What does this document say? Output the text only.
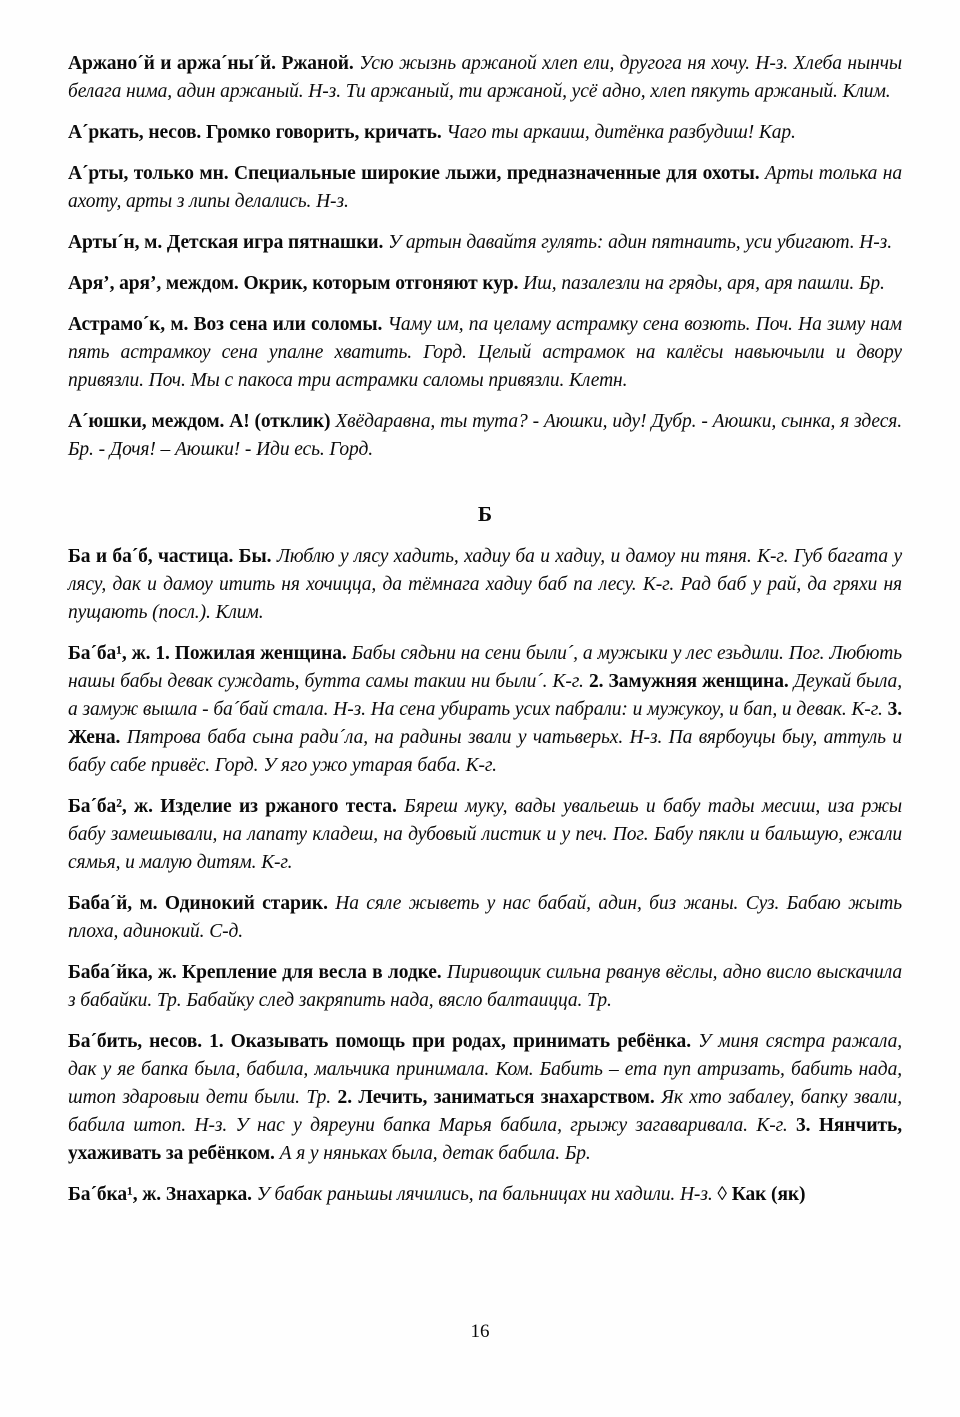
Аржано´й и аржа´ны´й. Ржаной. Усю жызнь аржаной хлеп ели, другога ня хочу. Н-з. Хлеба нынчы белага нима, адин аржаный. Н-з. Ти аржаный, ти аржаной, усё адно, хлеп пякуть аржаный. Клим.

А´ркать, несов. Громко говорить, кричать. Чаго ты аркаиш, дитёнка разбудиш! Кар.

А´рты, только мн. Специальные широкие лыжи, предназначенные для охоты. Арты толька на ахоту, арты з липы делались. Н-з.

Арты´н, м. Детская игра пятнашки. У артын давайтя гулять: адин пятнаить, уси убигают. Н-з.

Аря’, аря’, междом. Окрик, которым отгоняют кур. Иш, пазалезли на гряды, аря, аря пашли. Бр.

Астрамо´к, м. Воз сена или соломы. Чаму им, па целаму астрамку сена возють. Поч. На зиму нам пять астрамкоу сена упалне хватить. Горд. Целый астрамок на калёсы навьючыли и двору привязли. Поч. Мы с пакоса три астрамки саломы привязли. Клетн.

А´юшки, междом. А! (отклик) Хвёдаравна, ты тута? - Аюшки, иду! Дубр. - Аюшки, сынка, я здеся. Бр. - Дочя! – Аюшки! - Иди есь. Горд.

Б

Ба и ба´б, частица. Бы. Люблю у лясу хадить, хадиу ба и хадиу, и дамоу ни тяня. К-г. Губ багата у лясу, дак и дамоу итить ня хочицца, да тёмнага хадиу баб па лесу. К-г. Рад баб у рай, да гряхи ня пущають (посл.). Клим.

Ба´ба¹, ж. 1. Пожилая женщина. Бабы сядьни на сени были´, а мужыки у лес езьдили. Пог. Любють нашы бабы девак суждать, бутта самы такии ни были´. К-г. 2. Замужняя женщина. Деукай была, а замуж вышла - ба´бай стала. Н-з. На сена убирать усих пабрали: и мужукоу, и бап, и девак. К-г. 3. Жена. Пятрова баба сына ради´ла, на радины звали у чатьверьх. Н-з. Па вярбоуцы быу, аттуль и бабу сабе привёс. Горд. У яго ужо утарая баба. К-г.

Ба´ба², ж. Изделие из ржаного теста. Бяреш муку, вады увальешь и бабу тады месиш, иза ржы бабу замешывали, на лапату кладеш, на дубовый листик и у печ. Пог. Бабу пякли и бальшую, ежали сямья, и малую дитям. К-г.

Баба´й, м. Одинокий старик. На сяле жыветь у нас бабай, адин, биз жаны. Суз. Бабаю жыть плоха, адинокий. С-д.

Баба´йка, ж. Крепление для весла в лодке. Пиривощик сильна рванув вёслы, адно висло выскачила з бабайки. Тр. Бабайку след закряпить нада, вясло балтаицца. Тр.

Ба´бить, несов. 1. Оказывать помощь при родах, принимать ребёнка. У миня сястра ражала, дак у яе бапка была, бабила, мальчика принимала. Ком. Бабить – ета пуп атризать, бабить нада, штоп здаровыи дети были. Тр. 2. Лечить, заниматься знахарством. Як хто забалеу, бапку звали, бабила штоп. Н-з. У нас у дяреуни бапка Марья бабила, грыжу загаваривала. К-г. 3. Нянчить, ухаживать за ребёнком. А я у няньках была, детак бабила. Бр.

Ба´бка¹, ж. Знахарка. У бабак раньшы лячились, па бальницах ни хадили. Н-з. ◊ Как (як)

16
